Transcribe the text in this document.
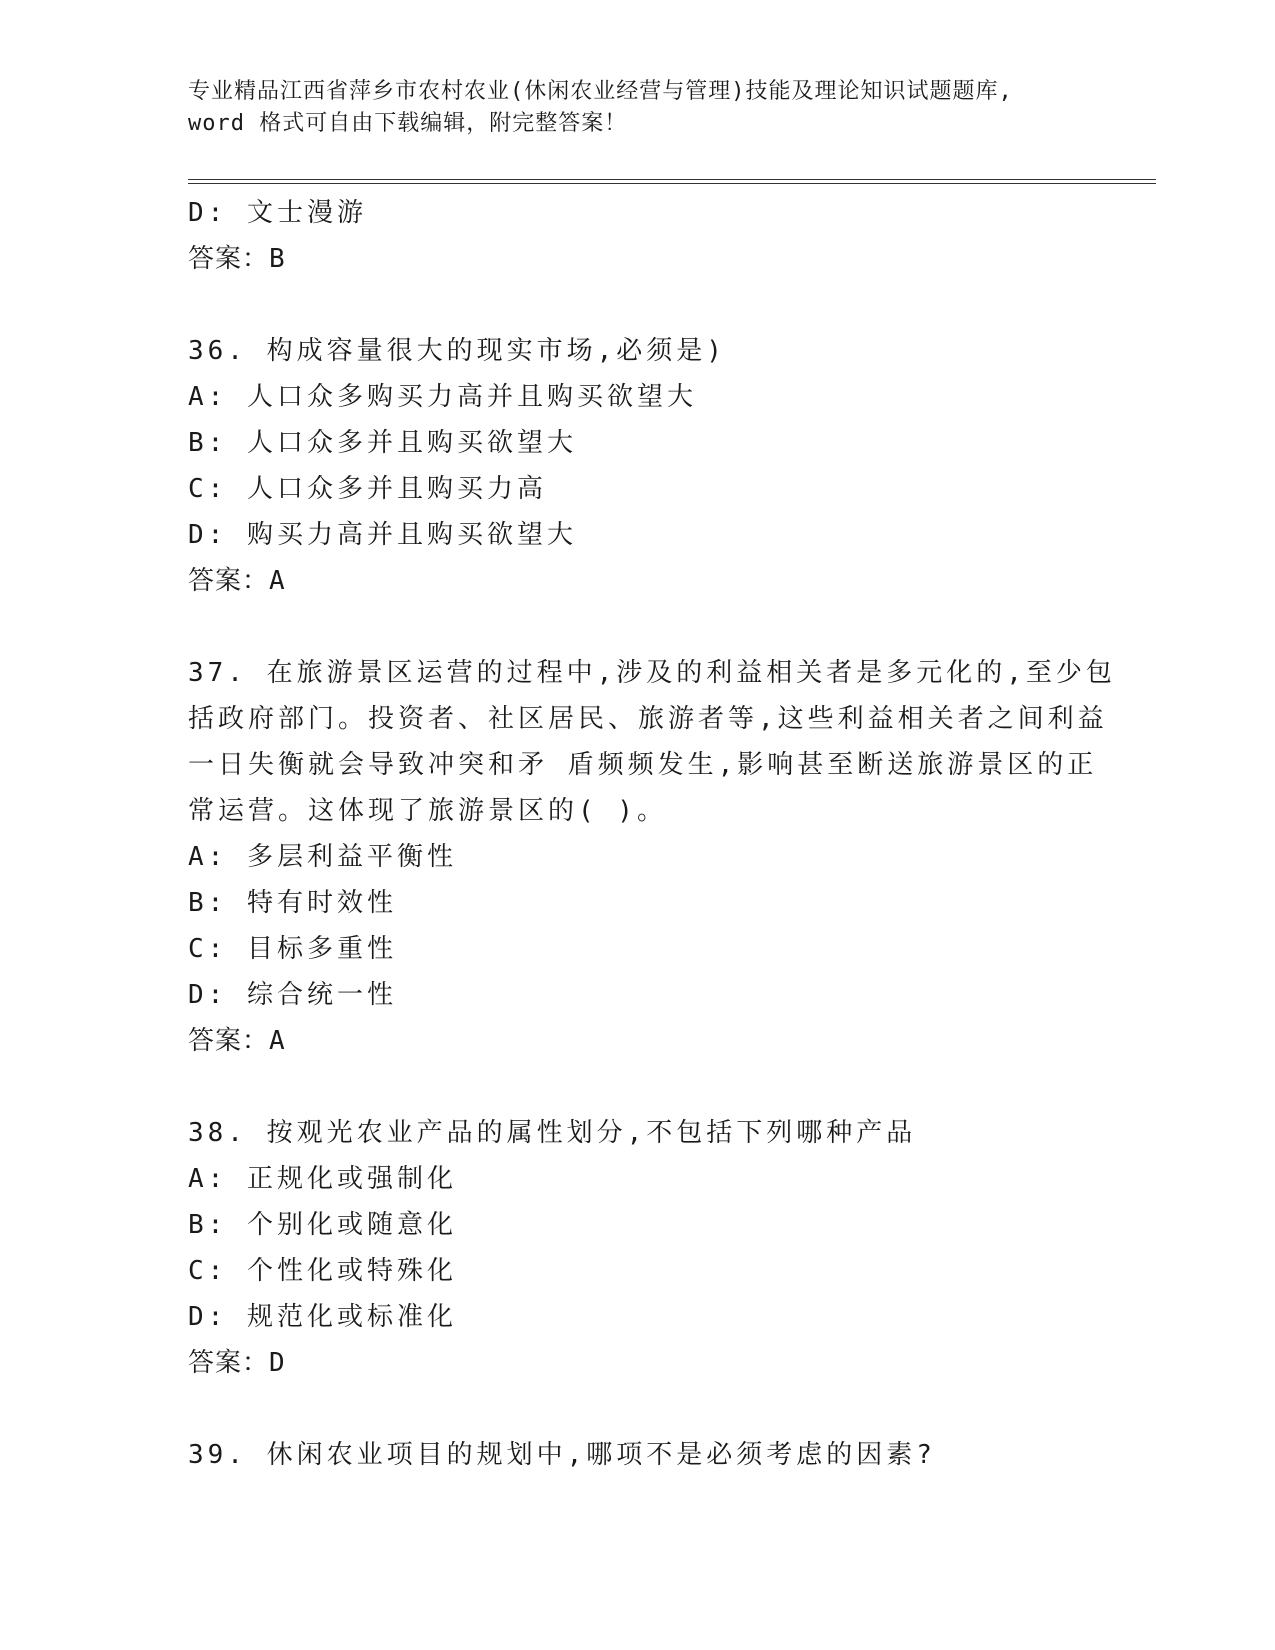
专业精品江西省萍乡市农村农业(休闲农业经营与管理)技能及理论知识试题题库,
word 格式可自由下载编辑，附完整答案！
D: 文士漫游
答案：B
36. 构成容量很大的现实市场,必须是)
A: 人口众多购买力高并且购买欲望大
B: 人口众多并且购买欲望大
C: 人口众多并且购买力高
D: 购买力高并且购买欲望大
答案：A
37. 在旅游景区运营的过程中,涉及的利益相关者是多元化的,至少包
括政府部门。投资者、社区居民、旅游者等,这些利益相关者之间利益
一日失衡就会导致冲突和矛 盾频频发生,影响甚至断送旅游景区的正
常运营。这体现了旅游景区的( )。
A: 多层利益平衡性
B: 特有时效性
C: 目标多重性
D: 综合统一性
答案：A
38. 按观光农业产品的属性划分,不包括下列哪种产品
A: 正规化或强制化
B: 个别化或随意化
C: 个性化或特殊化
D: 规范化或标准化
答案：D
39. 休闲农业项目的规划中,哪项不是必须考虑的因素?
